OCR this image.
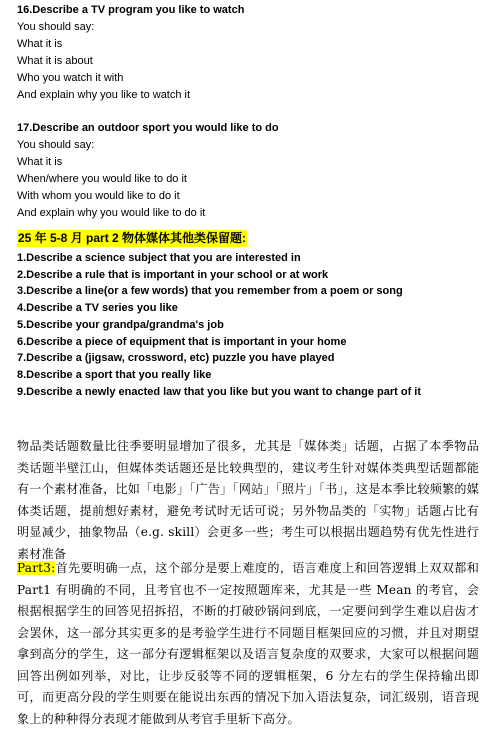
16.Describe a TV program you like to watch
You should say:
What it is
What it is about
Who you watch it with
And explain why you like to watch it
17.Describe an outdoor sport you would like to do
You should say:
What it is
When/where you would like to do it
With whom you would like to do it
And explain why you would like to do it
25 年 5-8 月 part 2 物体媒体其他类保留题:
1.Describe a science subject that you are interested in
2.Describe a rule that is important in your school or at work
3.Describe a line(or a few words) that you remember from a poem or song
4.Describe a TV series you like
5.Describe your grandpa/grandma's job
6.Describe a piece of equipment that is important in your home
7.Describe a (jigsaw, crossword, etc) puzzle you have played
8.Describe a sport that you really like
9.Describe a newly enacted law that you like but you want to change part of it
物品类话题数量比往季要明显增加了很多，尤其是「媒体类」话题，占据了本季物品类话题半壁江山，但媒体类话题还是比较典型的，建议考生针对媒体类典型话题都能有一个素材准备，比如「电影」「广告」「网站」「照片」「书」，这是本季比较频繁的媒体类话题，提前想好素材，避免考试时无话可说；另外物品类的「实物」话题占比有明显减少，抽象物品（e.g. skill）会更多一些；考生可以根据出题趋势有优先性进行素材准备
Part3:首先要明确一点，这个部分是要上难度的，语言难度上和回答逻辑上双双都和 Part1 有明确的不同，且考官也不一定按照题库来，尤其是一些 Mean 的考官，会根据根据学生的回答见招拆招，不断的打破砂锅问到底，一定要问到学生难以启齿才会罢休，这一部分其实更多的是考验学生进行不同题目框架回应的习惯，并且对期望拿到高分的学生，这一部分有逻辑框架以及语言复杂度的双要求，大家可以根据问题回答出例如列举，对比，让步反驳等不同的逻辑框架，6 分左右的学生保持输出即可，而更高分段的学生则要在能说出东西的情况下加入语法复杂，词汇级别，语音现象上的种种得分表现才能做到从考官手里斩下高分。
